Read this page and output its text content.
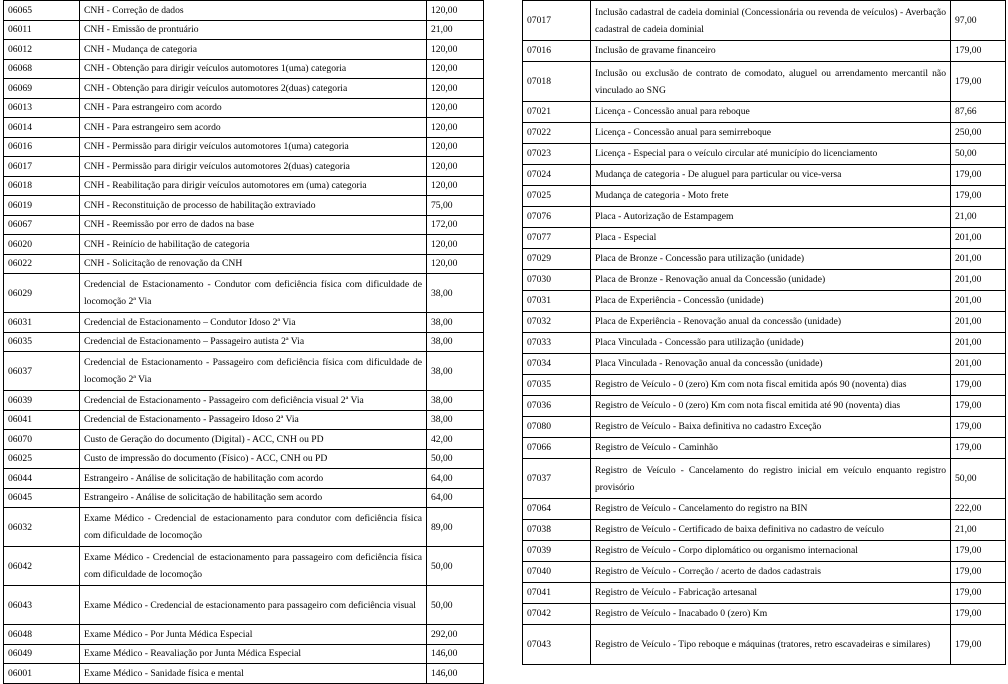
06065	CNH - Correção de dados	120,00
06011	CNH - Emissão de prontuário	21,00
06012	CNH - Mudança de categoria	120,00
06068	CNH - Obtenção para dirigir veículos automotores 1(uma) categoria	120,00
06069	CNH - Obtenção para dirigir veículos automotores 2(duas) categoria	120,00
06013	CNH - Para estrangeiro com acordo	120,00
06014	CNH - Para estrangeiro sem acordo	120,00
06016	CNH - Permissão para dirigir veículos automotores 1(uma) categoria	120,00
06017	CNH - Permissão para dirigir veículos automotores 2(duas) categoria	120,00
06018	CNH - Reabilitação para dirigir veículos automotores em (uma) categoria	120,00
06019	CNH - Reconstituição de processo de habilitação extraviado	75,00
06067	CNH - Reemissão por erro de dados na base	172,00
06020	CNH - Reinício de habilitação de categoria	120,00
06022	CNH - Solicitação de renovação da CNH	120,00
06029	Credencial de Estacionamento - Condutor com deficiência física com dificuldade de locomoção 2ª Via	38,00
06031	Credencial de Estacionamento – Condutor Idoso 2ª Via	38,00
06035	Credencial de Estacionamento – Passageiro autista 2ª Via	38,00
06037	Credencial de Estacionamento - Passageiro com deficiência física com dificuldade de locomoção 2ª Via	38,00
06039	Credencial de Estacionamento - Passageiro com deficiência visual 2ª Via	38,00
06041	Credencial de Estacionamento - Passageiro Idoso 2ª Via	38,00
06070	Custo de Geração do documento (Digital) - ACC, CNH ou PD	42,00
06025	Custo de impressão do documento (Físico) - ACC, CNH ou PD	50,00
06044	Estrangeiro - Análise de solicitação de habilitação com acordo	64,00
06045	Estrangeiro - Análise de solicitação de habilitação sem acordo	64,00
06032	Exame Médico - Credencial de estacionamento para condutor com deficiência física com dificuldade de locomoção	89,00
06042	Exame Médico - Credencial de estacionamento para passageiro com deficiência física com dificuldade de locomoção	50,00
06043	Exame Médico - Credencial de estacionamento para passageiro com deficiência visual	50,00
06048	Exame Médico - Por Junta Médica Especial	292,00
06049	Exame Médico - Reavaliação por Junta Médica Especial	146,00
06001	Exame Médico - Sanidade física e mental	146,00
07017	Inclusão cadastral de cadeia dominial (Concessionária ou revenda de veículos) - Averbação cadastral de cadeia dominial	97,00
07016	Inclusão de gravame financeiro	179,00
07018	Inclusão ou exclusão de contrato de comodato, aluguel ou arrendamento mercantil não vinculado ao SNG	179,00
07021	Licença - Concessão anual para reboque	87,66
07022	Licença - Concessão anual para semirreboque	250,00
07023	Licença - Especial para o veículo circular até município do licenciamento	50,00
07024	Mudança de categoria - De aluguel para particular ou vice-versa	179,00
07025	Mudança de categoria - Moto frete	179,00
07076	Placa - Autorização de Estampagem	21,00
07077	Placa - Especial	201,00
07029	Placa de Bronze - Concessão para utilização (unidade)	201,00
07030	Placa de Bronze - Renovação anual da Concessão (unidade)	201,00
07031	Placa de Experiência - Concessão (unidade)	201,00
07032	Placa de Experiência - Renovação anual da concessão (unidade)	201,00
07033	Placa Vinculada - Concessão para utilização (unidade)	201,00
07034	Placa Vinculada - Renovação anual da concessão (unidade)	201,00
07035	Registro de Veículo - 0 (zero) Km com nota fiscal emitida após 90 (noventa) dias	179,00
07036	Registro de Veículo - 0 (zero) Km com nota fiscal emitida até 90 (noventa) dias	179,00
07080	Registro de Veículo - Baixa definitiva no cadastro Exceção	179,00
07066	Registro de Veículo - Caminhão	179,00
07037	Registro de Veículo - Cancelamento do registro inicial em veículo enquanto registro provisório	50,00
07064	Registro de Veículo - Cancelamento do registro na BIN	222,00
07038	Registro de Veículo - Certificado de baixa definitiva no cadastro de veículo	21,00
07039	Registro de Veículo - Corpo diplomático ou organismo internacional	179,00
07040	Registro de Veículo - Correção / acerto de dados cadastrais	179,00
07041	Registro de Veículo - Fabricação artesanal	179,00
07042	Registro de Veículo - Inacabado 0 (zero) Km	179,00
07043	Registro de Veículo - Tipo reboque e máquinas (tratores, retro escavadeiras e similares)	179,00
